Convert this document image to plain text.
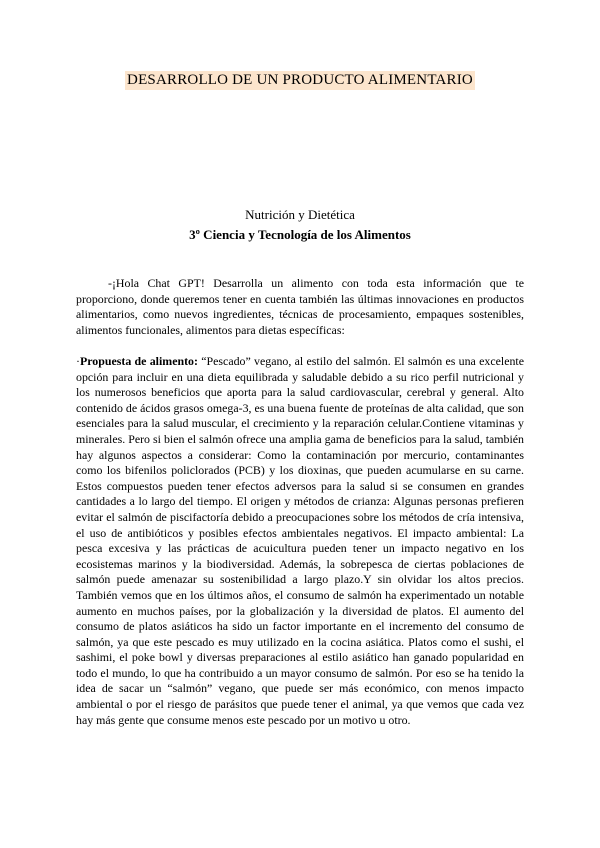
DESARROLLO DE UN PRODUCTO ALIMENTARIO
Nutrición y Dietética
3º Ciencia y Tecnología de los Alimentos

-¡Hola Chat GPT! Desarrolla un alimento con toda esta información que te proporciono, donde queremos tener en cuenta también las últimas innovaciones en productos alimentarios, como nuevos ingredientes, técnicas de procesamiento, empaques sostenibles, alimentos funcionales, alimentos para dietas específicas:

·Propuesta de alimento: “Pescado” vegano, al estilo del salmón. El salmón es una excelente opción para incluir en una dieta equilibrada y saludable debido a su rico perfil nutricional y los numerosos beneficios que aporta para la salud cardiovascular, cerebral y general. Alto contenido de ácidos grasos omega-3, es una buena fuente de proteínas de alta calidad, que son esenciales para la salud muscular, el crecimiento y la reparación celular.Contiene vitaminas y minerales. Pero si bien el salmón ofrece una amplia gama de beneficios para la salud, también hay algunos aspectos a considerar: Como la contaminación por mercurio, contaminantes como los bifenilos policlorados (PCB) y los dioxinas, que pueden acumularse en su carne. Estos compuestos pueden tener efectos adversos para la salud si se consumen en grandes cantidades a lo largo del tiempo. El origen y métodos de crianza: Algunas personas prefieren evitar el salmón de piscifactoría debido a preocupaciones sobre los métodos de cría intensiva, el uso de antibióticos y posibles efectos ambientales negativos. El impacto ambiental: La pesca excesiva y las prácticas de acuicultura pueden tener un impacto negativo en los ecosistemas marinos y la biodiversidad. Además, la sobrepesca de ciertas poblaciones de salmón puede amenazar su sostenibilidad a largo plazo.Y sin olvidar los altos precios. También vemos que en los últimos años, el consumo de salmón ha experimentado un notable aumento en muchos países, por la globalización y la diversidad de platos. El aumento del consumo de platos asiáticos ha sido un factor importante en el incremento del consumo de salmón, ya que este pescado es muy utilizado en la cocina asiática. Platos como el sushi, el sashimi, el poke bowl y diversas preparaciones al estilo asiático han ganado popularidad en todo el mundo, lo que ha contribuido a un mayor consumo de salmón. Por eso se ha tenido la idea de sacar un “salmón” vegano, que puede ser más económico, con menos impacto ambiental o por el riesgo de parásitos que puede tener el animal, ya que vemos que cada vez hay más gente que consume menos este pescado por un motivo u otro.
